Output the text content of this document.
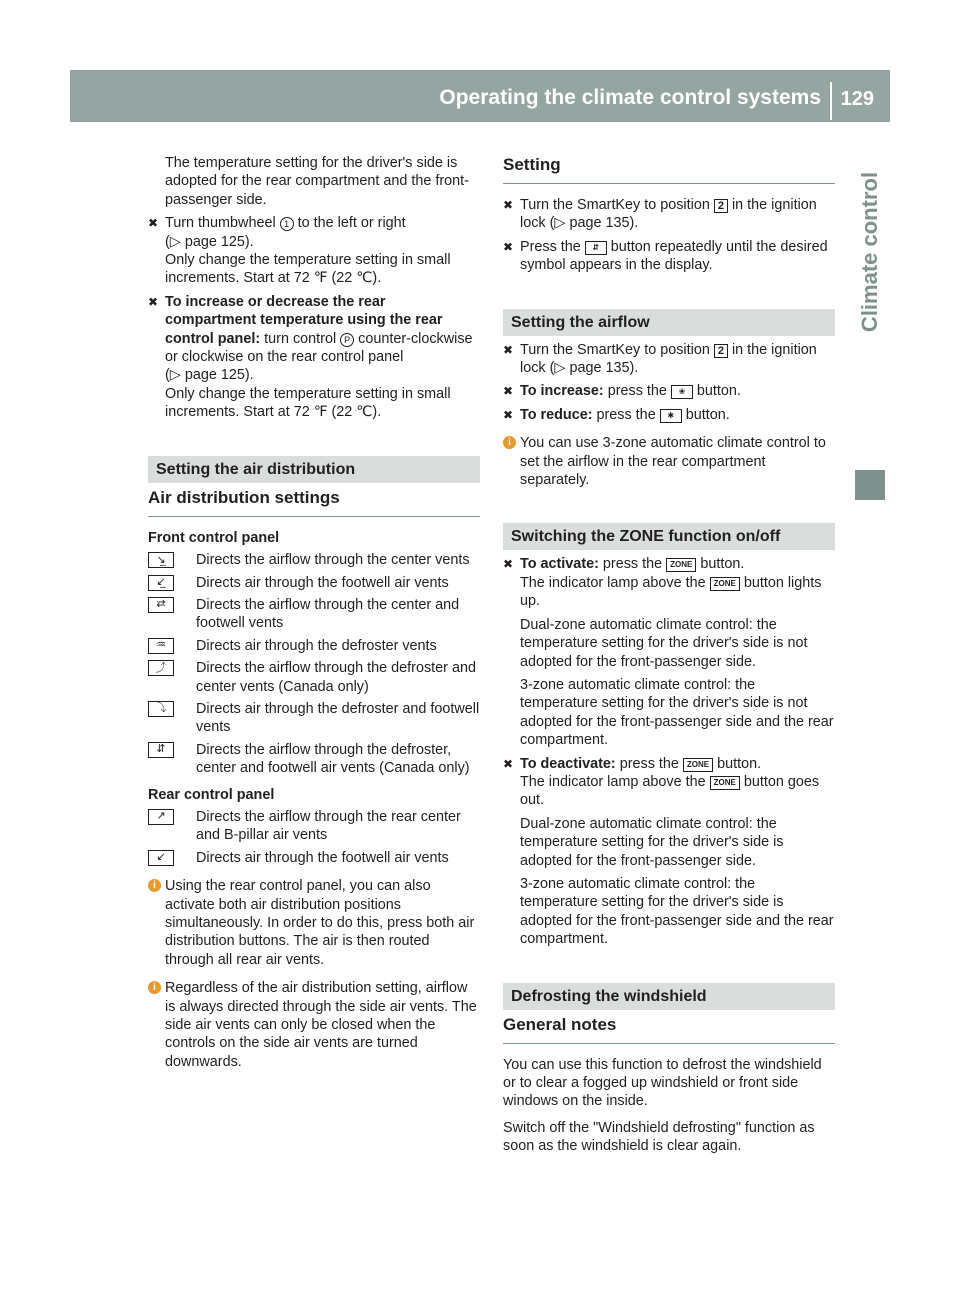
Operating the climate control systems 129
Climate control

The temperature setting for the driver's side is adopted for the rear compartment and the front-passenger side.

✖ Turn thumbwheel 1 to the left or right

(▷ page 125).

Only change the temperature setting in small increments. Start at 72 ℉ (22 ℃).

✖ To increase or decrease the rear compartment temperature using the rear control panel: turn control P counter-clockwise or clockwise on the rear control panel

(▷ page 125).

Only change the temperature setting in small increments. Start at 72 ℉ (22 ℃).

Setting the air distribution
Air distribution settings
Front control panel
↘̲	Directs the airflow through the center vents
↙̲	Directs air through the footwell air vents
⇄	Directs the airflow through the center and footwell vents
♒	Directs air through the defroster vents
⤴	Directs the airflow through the defroster and center vents (Canada only)
⤵	Directs air through the defroster and footwell vents
⇵	Directs the airflow through the defroster, center and footwell air vents (Canada only)
Rear control panel
↗	Directs the airflow through the rear center and B-pillar air vents
↙	Directs air through the footwell air vents
i Using the rear control panel, you can also activate both air distribution positions simultaneously. In order to do this, press both air distribution buttons. The air is then routed through all rear air vents.

i Regardless of the air distribution setting, airflow is always directed through the side air vents. The side air vents can only be closed when the controls on the side air vents are turned downwards.

Setting
✖ Turn the SmartKey to position 2 in the ignition lock (▷ page 135).

✖ Press the ⇵ button repeatedly until the desired symbol appears in the display.

Setting the airflow
✖ Turn the SmartKey to position 2 in the ignition lock (▷ page 135).

✖ To increase: press the ❀ button.

✖ To reduce: press the ✱ button.

i You can use 3-zone automatic climate control to set the airflow in the rear compartment separately.

Switching the ZONE function on/off
✖ To activate: press the ZONE button.

The indicator lamp above the ZONE button lights up.

Dual-zone automatic climate control: the temperature setting for the driver's side is not adopted for the front-passenger side.

3-zone automatic climate control: the temperature setting for the driver's side is not adopted for the front-passenger side and the rear compartment.

✖ To deactivate: press the ZONE button.

The indicator lamp above the ZONE button goes out.

Dual-zone automatic climate control: the temperature setting for the driver's side is adopted for the front-passenger side.

3-zone automatic climate control: the temperature setting for the driver's side is adopted for the front-passenger side and the rear compartment.

Defrosting the windshield
General notes

You can use this function to defrost the windshield or to clear a fogged up windshield or front side windows on the inside.

Switch off the "Windshield defrosting" function as soon as the windshield is clear again.
